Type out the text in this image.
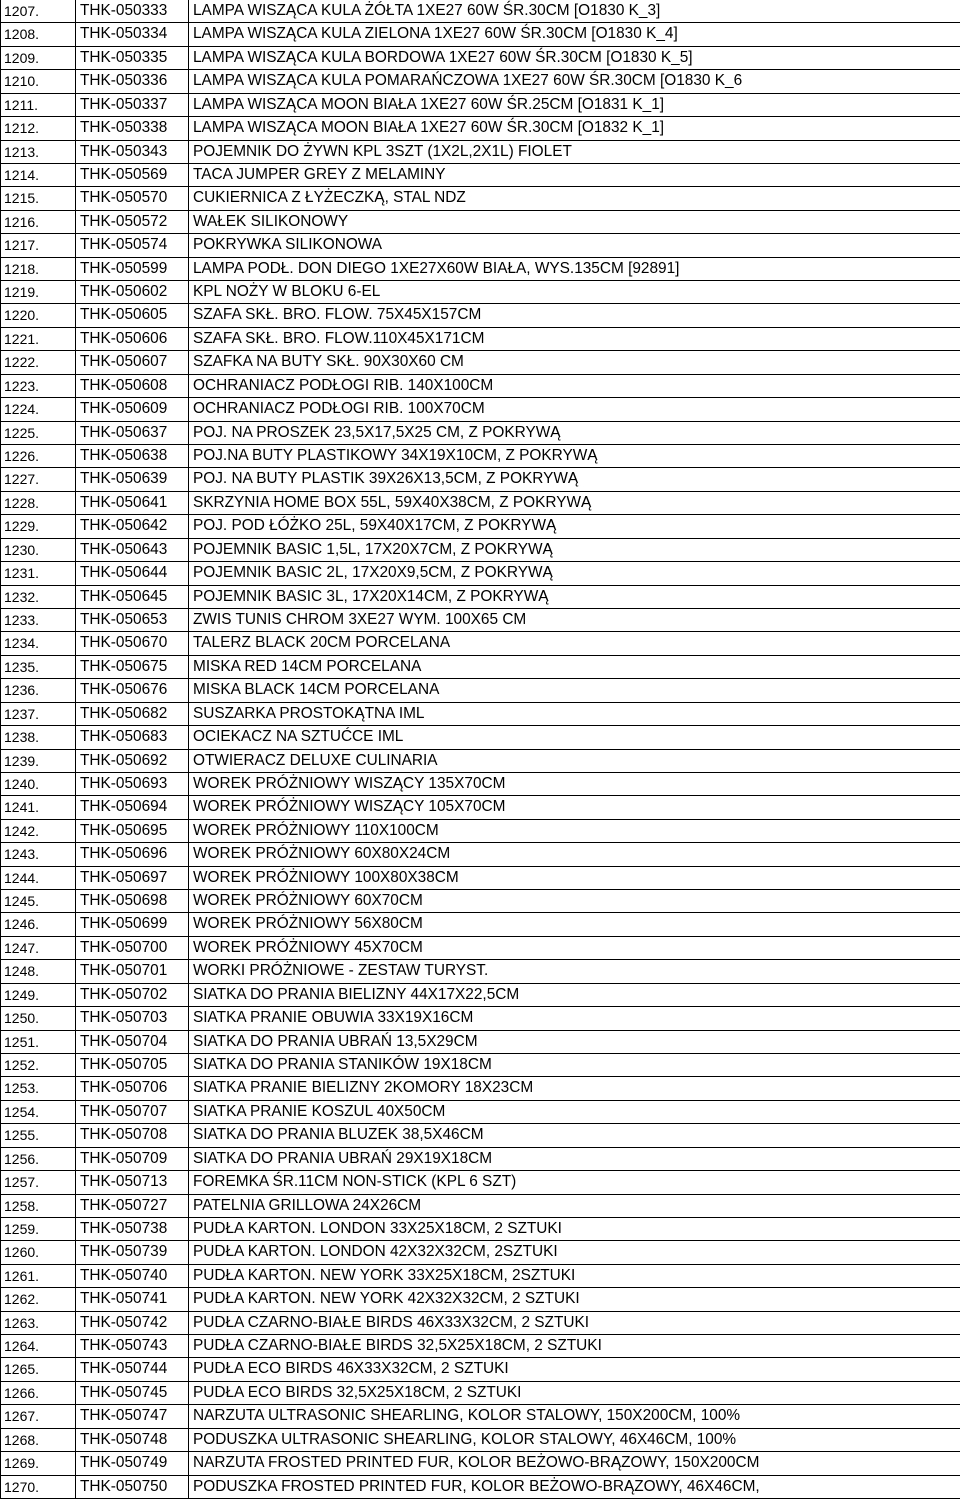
1207.	THK-050333	LAMPA WISZĄCA KULA ŻÓŁTA 1XE27 60W ŚR.30CM [O1830 K_3]
1208.	THK-050334	LAMPA WISZĄCA KULA ZIELONA 1XE27 60W ŚR.30CM [O1830 K_4]
1209.	THK-050335	LAMPA WISZĄCA KULA BORDOWA 1XE27 60W ŚR.30CM [O1830 K_5]
1210.	THK-050336	LAMPA WISZĄCA KULA POMARAŃCZOWA 1XE27 60W ŚR.30CM [O1830 K_6
1211.	THK-050337	LAMPA WISZĄCA MOON BIAŁA 1XE27 60W ŚR.25CM [O1831 K_1]
1212.	THK-050338	LAMPA WISZĄCA MOON BIAŁA 1XE27 60W ŚR.30CM [O1832 K_1]
1213.	THK-050343	POJEMNIK DO ŻYWN KPL 3SZT (1X2L,2X1L) FIOLET
1214.	THK-050569	TACA JUMPER GREY Z MELAMINY
1215.	THK-050570	CUKIERNICA Z ŁYŻECZKĄ, STAL NDZ
1216.	THK-050572	WAŁEK SILIKONOWY
1217.	THK-050574	POKRYWKA SILIKONOWA
1218.	THK-050599	LAMPA PODŁ. DON DIEGO 1XE27X60W BIAŁA, WYS.135CM [92891]
1219.	THK-050602	KPL NOŻY W BLOKU 6-EL
1220.	THK-050605	SZAFA SKŁ. BRO. FLOW. 75X45X157CM
1221.	THK-050606	SZAFA SKŁ. BRO. FLOW.110X45X171CM
1222.	THK-050607	SZAFKA NA BUTY SKŁ. 90X30X60 CM
1223.	THK-050608	OCHRANIACZ PODŁOGI RIB. 140X100CM
1224.	THK-050609	OCHRANIACZ PODŁOGI RIB. 100X70CM
1225.	THK-050637	POJ. NA PROSZEK 23,5X17,5X25 CM, Z POKRYWĄ
1226.	THK-050638	POJ.NA BUTY PLASTIKOWY 34X19X10CM, Z POKRYWĄ
1227.	THK-050639	POJ. NA BUTY PLASTIK 39X26X13,5CM, Z POKRYWĄ
1228.	THK-050641	SKRZYNIA HOME BOX 55L, 59X40X38CM, Z POKRYWĄ
1229.	THK-050642	POJ. POD ŁÓŻKO 25L, 59X40X17CM, Z POKRYWĄ
1230.	THK-050643	POJEMNIK BASIC 1,5L, 17X20X7CM, Z POKRYWĄ
1231.	THK-050644	POJEMNIK BASIC 2L, 17X20X9,5CM, Z POKRYWĄ
1232.	THK-050645	POJEMNIK BASIC 3L, 17X20X14CM, Z POKRYWĄ
1233.	THK-050653	ZWIS TUNIS CHROM 3XE27 WYM. 100X65 CM
1234.	THK-050670	TALERZ BLACK 20CM PORCELANA
1235.	THK-050675	MISKA RED 14CM PORCELANA
1236.	THK-050676	MISKA BLACK 14CM PORCELANA
1237.	THK-050682	SUSZARKA PROSTOKĄTNA IML
1238.	THK-050683	OCIEKACZ NA SZTUĆCE IML
1239.	THK-050692	OTWIERACZ DELUXE CULINARIA
1240.	THK-050693	WOREK PRÓŻNIOWY WISZĄCY 135X70CM
1241.	THK-050694	WOREK PRÓŻNIOWY WISZĄCY 105X70CM
1242.	THK-050695	WOREK PRÓŻNIOWY 110X100CM
1243.	THK-050696	WOREK PRÓŻNIOWY 60X80X24CM
1244.	THK-050697	WOREK PRÓŻNIOWY 100X80X38CM
1245.	THK-050698	WOREK PRÓŻNIOWY 60X70CM
1246.	THK-050699	WOREK PRÓŻNIOWY 56X80CM
1247.	THK-050700	WOREK PRÓŻNIOWY 45X70CM
1248.	THK-050701	WORKI PRÓŻNIOWE - ZESTAW TURYST.
1249.	THK-050702	SIATKA DO PRANIA BIELIZNY 44X17X22,5CM
1250.	THK-050703	SIATKA PRANIE OBUWIA 33X19X16CM
1251.	THK-050704	SIATKA DO PRANIA UBRAŃ 13,5X29CM
1252.	THK-050705	SIATKA DO PRANIA STANIKÓW 19X18CM
1253.	THK-050706	SIATKA PRANIE BIELIZNY 2KOMORY 18X23CM
1254.	THK-050707	SIATKA PRANIE KOSZUL 40X50CM
1255.	THK-050708	SIATKA DO PRANIA BLUZEK 38,5X46CM
1256.	THK-050709	SIATKA DO PRANIA UBRAŃ 29X19X18CM
1257.	THK-050713	FOREMKA ŚR.11CM NON-STICK (KPL 6 SZT)
1258.	THK-050727	PATELNIA GRILLOWA 24X26CM
1259.	THK-050738	PUDŁA KARTON. LONDON 33X25X18CM, 2 SZTUKI
1260.	THK-050739	PUDŁA KARTON. LONDON 42X32X32CM, 2SZTUKI
1261.	THK-050740	PUDŁA KARTON. NEW YORK 33X25X18CM, 2SZTUKI
1262.	THK-050741	PUDŁA KARTON. NEW YORK 42X32X32CM, 2 SZTUKI
1263.	THK-050742	PUDŁA CZARNO-BIAŁE BIRDS 46X33X32CM, 2 SZTUKI
1264.	THK-050743	PUDŁA CZARNO-BIAŁE BIRDS 32,5X25X18CM, 2 SZTUKI
1265.	THK-050744	PUDŁA ECO BIRDS 46X33X32CM, 2 SZTUKI
1266.	THK-050745	PUDŁA ECO BIRDS 32,5X25X18CM, 2 SZTUKI
1267.	THK-050747	NARZUTA ULTRASONIC SHEARLING, KOLOR STALOWY, 150X200CM, 100%
1268.	THK-050748	PODUSZKA ULTRASONIC SHEARLING, KOLOR STALOWY, 46X46CM, 100%
1269.	THK-050749	NARZUTA FROSTED PRINTED FUR, KOLOR BEŻOWO-BRĄZOWY, 150X200CM
1270.	THK-050750	PODUSZKA FROSTED PRINTED FUR, KOLOR BEŻOWO-BRĄZOWY, 46X46CM,
